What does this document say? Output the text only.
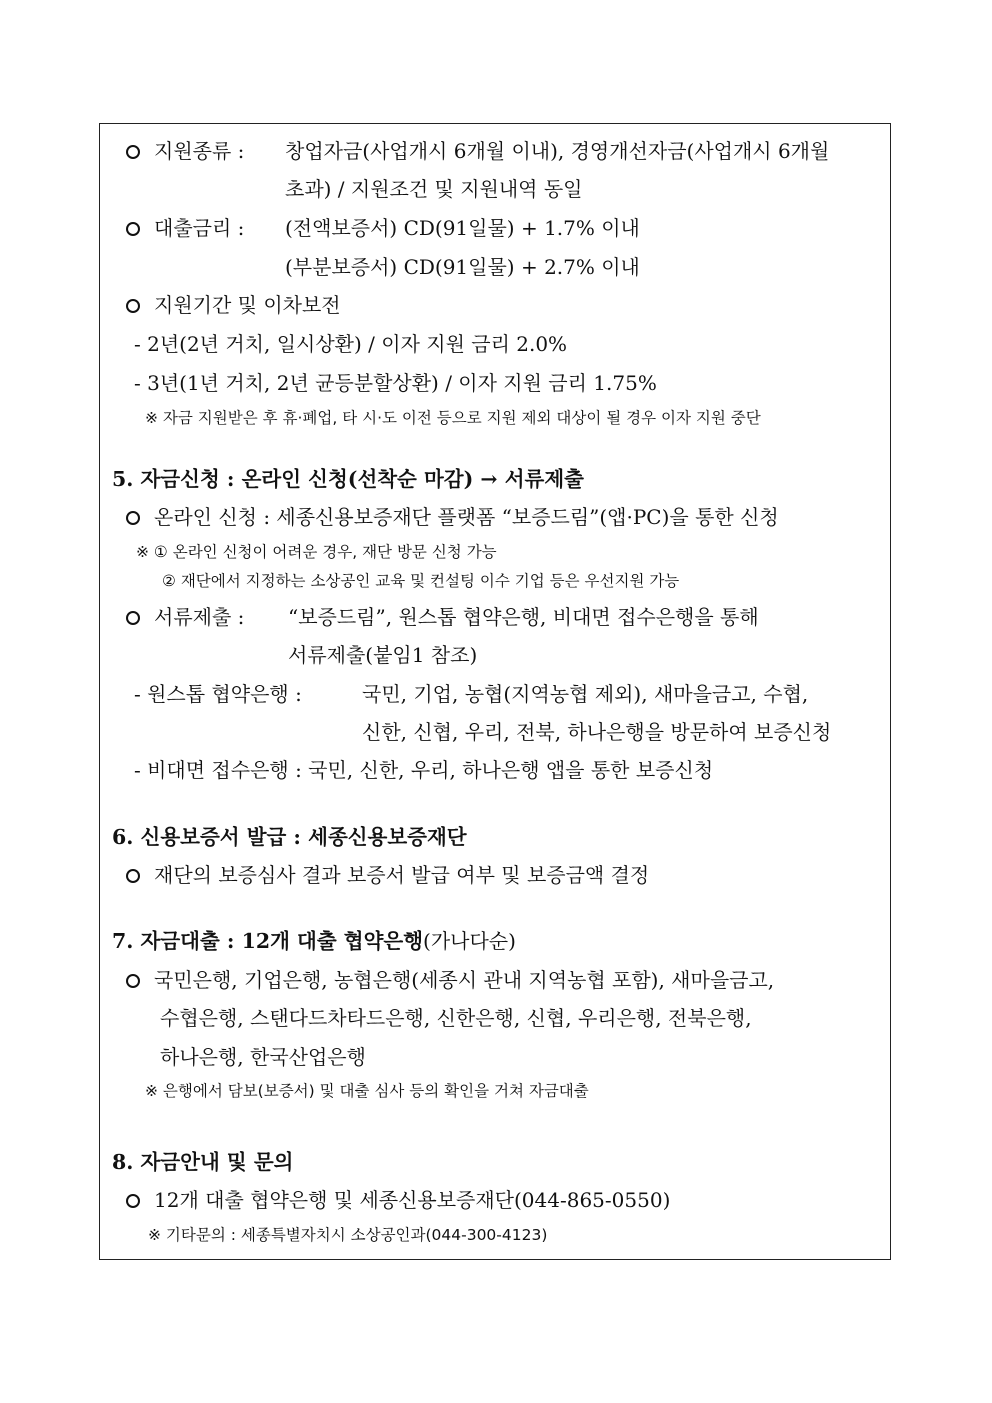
지원종류 : 창업자금(사업개시 6개월 이내), 경영개선자금(사업개시 6개월
초과) / 지원조건 및 지원내역 동일
대출금리 : (전액보증서) CD(91일물) + 1.7% 이내
(부분보증서) CD(91일물) + 2.7% 이내
지원기간 및 이차보전
- 2년(2년 거치, 일시상환) / 이자 지원 금리 2.0%
- 3년(1년 거치, 2년 균등분할상환) / 이자 지원 금리 1.75%
※ 자금 지원받은 후 휴·폐업, 타 시·도 이전 등으로 지원 제외 대상이 될 경우 이자 지원 중단
5. 자금신청 : 온라인 신청(선착순 마감) → 서류제출
온라인 신청 : 세종신용보증재단 플랫폼 “보증드림”(앱·PC)을 통한 신청
※ ① 온라인 신청이 어려운 경우, 재단 방문 신청 가능
② 재단에서 지정하는 소상공인 교육 및 컨설팅 이수 기업 등은 우선지원 가능
서류제출 : “보증드림”, 원스톱 협약은행, 비대면 접수은행을 통해
서류제출(붙임1 참조)
- 원스톱 협약은행 :	국민, 기업, 농협(지역농협 제외), 새마을금고, 수협,
신한, 신협, 우리, 전북, 하나은행을 방문하여 보증신청
- 비대면 접수은행 : 국민, 신한, 우리, 하나은행 앱을 통한 보증신청
6. 신용보증서 발급 : 세종신용보증재단
재단의 보증심사 결과 보증서 발급 여부 및 보증금액 결정
7. 자금대출 : 12개 대출 협약은행(가나다순)
국민은행, 기업은행, 농협은행(세종시 관내 지역농협 포함), 새마을금고,
수협은행, 스탠다드차타드은행, 신한은행, 신협, 우리은행, 전북은행,
하나은행, 한국산업은행
※ 은행에서 담보(보증서) 및 대출 심사 등의 확인을 거쳐 자금대출
8. 자금안내 및 문의
12개 대출 협약은행 및 세종신용보증재단(044-865-0550)
※ 기타문의 : 세종특별자치시 소상공인과(044-300-4123)
